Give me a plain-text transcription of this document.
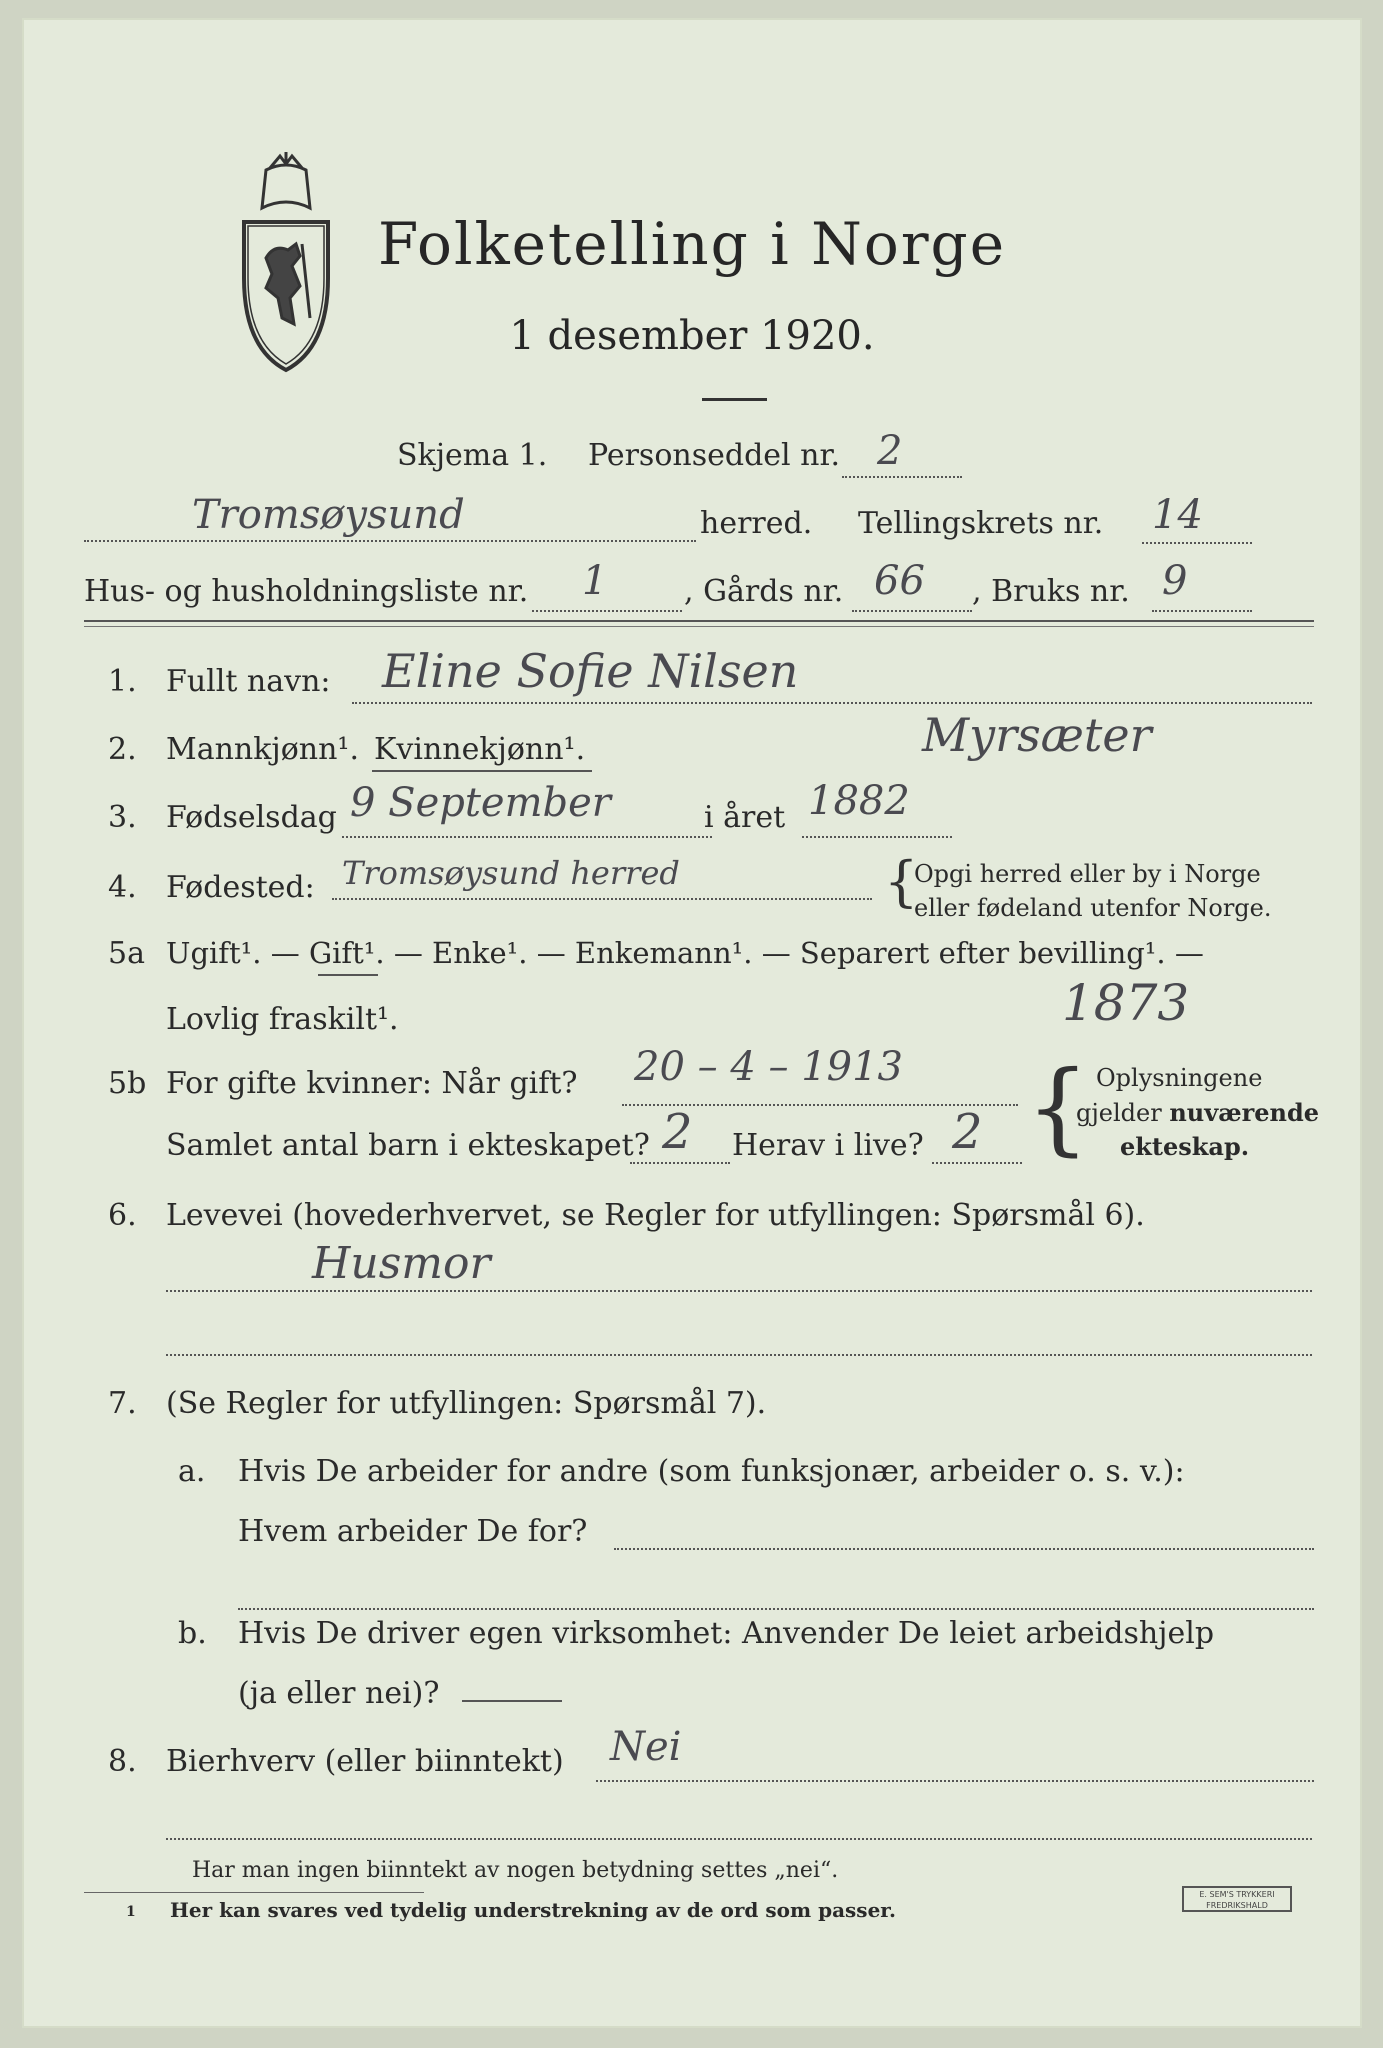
Folketelling i Norge
1 desember 1920.
Skjema 1. Personseddel nr. 2
Tromsøysund	herred. Tellingskrets nr. 14
Hus- og husholdningsliste nr. 1	, Gårds nr. 66 , Bruks nr. 9
1. Fullt navn: Eline Sofie Nilsen
2. Mannkjønn¹. Kvinnekjønn¹.	Myrsæter
3. Fødselsdag 9 September	i året 1882
4. Fødested: Tromsøysund herred	{
Opgi herred eller by i Norge
eller fødeland utenfor Norge.
5a Ugift¹. — Gift¹. — Enke¹. — Enkemann¹. — Separert efter bevilling¹. —
Lovlig fraskilt¹.	1873
5b For gifte kvinner: Når gift? 20 – 4 – 1913
Samlet antal barn i ekteskapet? 2 Herav i live? 2 { Oplysningene
gjelder nuværende
ekteskap.
6. Levevei (hovederhvervet, se Regler for utfyllingen: Spørsmål 6).
Husmor
7. (Se Regler for utfyllingen: Spørsmål 7).
a. Hvis De arbeider for andre (som funksjonær, arbeider o. s. v.):
Hvem arbeider De for?
b. Hvis De driver egen virksomhet: Anvender De leiet arbeidshjelp
(ja eller nei)?
8. Bierhverv (eller biinntekt) Nei
Har man ingen biinntekt av nogen betydning settes „nei“.
1 Her kan svares ved tydelig understrekning av de ord som passer.
E. SEM'S TRYKKERI FREDRIKSHALD
